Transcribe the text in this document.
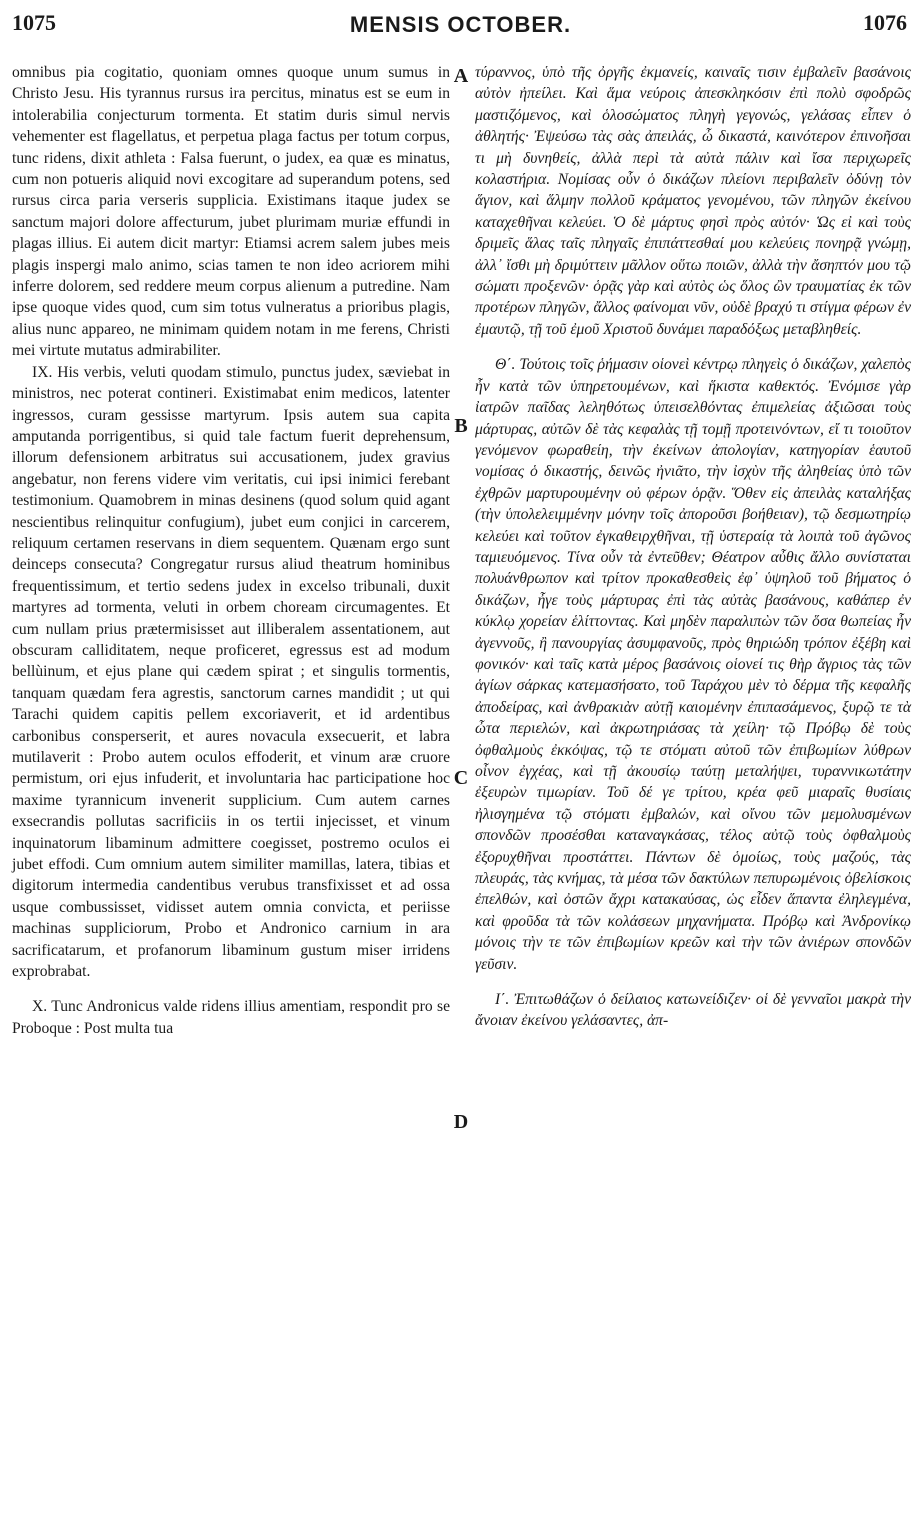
1075	MENSIS OCTOBER.	1076

omnibus pia cogitatio, quoniam omnes quoque unum sumus in Christo Jesu. His tyrannus rursus ira percitus, minatus est se eum in intolerabilia conjecturum tormenta. Et statim duris simul nervis vehementer est flagellatus, et perpetua plaga factus per totum corpus, tunc ridens, dixit athleta : Falsa fuerunt, o judex, ea quæ es minatus, cum non potueris aliquid novi excogitare ad superandum potens, sed rursus circa paria verseris supplicia. Existimans itaque judex se sanctum majori dolore affecturum, jubet plurimam muriæ effundi in plagas illius. Ei autem dicit martyr: Etiamsi acrem salem jubes meis plagis inspergi malo animo, scias tamen te non ideo acriorem mihi inferre dolorem, sed reddere meum corpus alienum a putredine. Nam ipse quoque vides quod, cum sim totus vulneratus a prioribus plagis, alius nunc appareo, ne minimam quidem notam in me ferens, Christi mei virtute mutatus admirabiliter.

IX. His verbis, veluti quodam stimulo, punctus judex, sæviebat in ministros, nec poterat contineri. Existimabat enim medicos, latenter ingressos, curam gessisse martyrum. Ipsis autem sua capita amputanda porrigentibus, si quid tale factum fuerit deprehensum, illorum defensionem arbitratus sui accusationem, judex gravius angebatur, non ferens videre vim veritatis, cui ipsi inimici ferebant testimonium. Quamobrem in minas desinens (quod solum quid agant nescientibus relinquitur confugium), jubet eum conjici in carcerem, reliquum certamen reservans in diem sequentem. Quænam ergo sunt deinceps consecuta? Congregatur rursus aliud theatrum hominibus frequentissimum, et tertio sedens judex in excelso tribunali, duxit martyres ad tormenta, veluti in orbem choream circumagentes. Et cum nullam prius prætermisisset aut illiberalem assentationem, aut obscuram calliditatem, neque proficeret, egressus est ad modum bellùinum, et ejus plane qui cædem spirat ; et singulis tormentis, tanquam quædam fera agrestis, sanctorum carnes mandidit ; ut qui Tarachi quidem capitis pellem excoriaverit, et id ardentibus carbonibus consperserit, et aures novacula exsecuerit, et labra mutilaverit : Probo autem oculos effoderit, et vinum aræ cruore permistum, ori ejus infuderit, et involuntaria hac participatione hoc maxime tyrannicum invenerit supplicium. Cum autem carnes exsecrandis pollutas sacrificiis in os tertii injecisset, et vinum inquinatorum libaminum admittere coegisset, postremo oculos ei jubet effodi. Cum omnium autem similiter mamillas, latera, tibias et digitorum intermedia candentibus verubus transfixisset et ad ossa usque combussisset, vidisset autem omnia convicta, et periisse machinas suppliciorum, Probo et Andronico carnium in ara sacrificatarum, et profanorum libaminum gustum miser irridens exprobrabat.

X. Tunc Andronicus valde ridens illius amentiam, respondit pro se Proboque : Post multa tua

A
B
C
D

τύραννος, ὑπὸ τῆς ὀργῆς ἐκμανείς, καιναῖς τισιν ἐμβαλεῖν βασάνοις αὐτὸν ἠπείλει. Καὶ ἅμα νεύροις ἀπεσκληκόσιν ἐπὶ πολὺ σφοδρῶς μαστιζόμενος, καὶ ὁλοσώματος πληγὴ γεγονώς, γελάσας εἶπεν ὁ ἀθλητής· Ἐψεύσω τὰς σὰς ἀπειλάς, ὦ δικαστά, καινότερον ἐπινοῆσαι τι μὴ δυνηθείς, ἀλλὰ περὶ τὰ αὐτὰ πάλιν καὶ ἴσα περιχωρεῖς κολαστήρια. Νομίσας οὖν ὁ δικάζων πλείονι περιβαλεῖν ὀδύνῃ τὸν ἅγιον, καὶ ἅλμην πολλοῦ κράματος γενομένου, τῶν πληγῶν ἐκείνου καταχεθῆναι κελεύει. Ὁ δὲ μάρτυς φησὶ πρὸς αὐτόν· Ὡς εἰ καὶ τοὺς δριμεῖς ἅλας ταῖς πληγαῖς ἐπιπάττεσθαί μου κελεύεις πονηρᾷ γνώμῃ, ἀλλ᾽ ἴσθι μὴ δριμύττειν μᾶλλον οὕτω ποιῶν, ἀλλὰ τὴν ἄσηπτόν μου τῷ σώματι προξενῶν· ὁρᾷς γὰρ καὶ αὐτὸς ὡς ὅλος ὢν τραυματίας ἐκ τῶν προτέρων πληγῶν, ἄλλος φαίνομαι νῦν, οὐδὲ βραχύ τι στίγμα φέρων ἐν ἐμαυτῷ, τῇ τοῦ ἐμοῦ Χριστοῦ δυνάμει παραδόξως μεταβληθείς.

Θ΄. Τούτοις τοῖς ῥήμασιν οἱονεὶ κέντρῳ πληγεὶς ὁ δικάζων, χαλεπὸς ἦν κατὰ τῶν ὑπηρετουμένων, καὶ ἥκιστα καθεκτός. Ἐνόμισε γὰρ ἰατρῶν παῖδας λεληθότως ὑπεισελθόντας ἐπιμελείας ἀξιῶσαι τοὺς μάρτυρας, αὐτῶν δὲ τὰς κεφαλὰς τῇ τομῇ προτεινόντων, εἴ τι τοιοῦτον γενόμενον φωραθείη, τὴν ἐκείνων ἀπολογίαν, κατηγορίαν ἑαυτοῦ νομίσας ὁ δικαστής, δεινῶς ἠνιᾶτο, τὴν ἰσχὺν τῆς ἀληθείας ὑπὸ τῶν ἐχθρῶν μαρτυρουμένην οὐ φέρων ὁρᾷν. Ὅθεν εἰς ἀπειλὰς καταλήξας (τὴν ὑπολελειμμένην μόνην τοῖς ἀποροῦσι βοήθειαν), τῷ δεσμωτηρίῳ κελεύει καὶ τοῦτον ἐγκαθειρχθῆναι, τῇ ὑστεραίᾳ τὰ λοιπὰ τοῦ ἀγῶνος ταμιευόμενος. Τίνα οὖν τὰ ἐντεῦθεν; Θέατρον αὖθις ἄλλο συνίσταται πολυάνθρωπον καὶ τρίτον προκαθεσθεὶς ἐφ᾽ ὑψηλοῦ τοῦ βήματος ὁ δικάζων, ἦγε τοὺς μάρτυρας ἐπὶ τὰς αὐτὰς βασάνους, καθάπερ ἐν κύκλῳ χορείαν ἑλίττοντας. Καὶ μηδὲν παραλιπὼν τῶν ὅσα θωπείας ἦν ἀγεννοῦς, ἢ πανουργίας ἀσυμφανοῦς, πρὸς θηριώδη τρόπον ἐξέβη καὶ φονικόν· καὶ ταῖς κατὰ μέρος βασάνοις οἱονεί τις θὴρ ἄγριος τὰς τῶν ἁγίων σάρκας κατεμασήσατο, τοῦ Ταράχου μὲν τὸ δέρμα τῆς κεφαλῆς ἀποδείρας, καὶ ἀνθρακιὰν αὐτῇ καιομένην ἐπιπασάμενος, ξυρῷ τε τὰ ὦτα περιελών, καὶ ἀκρωτηριάσας τὰ χείλη· τῷ Πρόβῳ δὲ τοὺς ὀφθαλμοὺς ἐκκόψας, τῷ τε στόματι αὐτοῦ τῶν ἐπιβωμίων λύθρων οἶνον ἐγχέας, καὶ τῇ ἀκουσίῳ ταύτῃ μεταλήψει, τυραννικωτάτην ἐξευρὼν τιμωρίαν. Τοῦ δέ γε τρίτου, κρέα φεῦ μιαραῖς θυσίαις ἠλισγημένα τῷ στόματι ἐμβαλών, καὶ οἴνου τῶν μεμολυσμένων σπονδῶν προσέσθαι καταναγκάσας, τέλος αὐτῷ τοὺς ὀφθαλμοὺς ἐξορυχθῆναι προστάττει. Πάντων δὲ ὁμοίως, τοὺς μαζούς, τὰς πλευράς, τὰς κνήμας, τὰ μέσα τῶν δακτύλων πεπυρωμένοις ὀβελίσκοις ἐπελθών, καὶ ὀστῶν ἄχρι κατακαύσας, ὡς εἶδεν ἅπαντα ἐληλεγμένα, καὶ φροῦδα τὰ τῶν κολάσεων μηχανήματα. Πρόβῳ καὶ Ἀνδρονίκῳ μόνοις τὴν τε τῶν ἐπιβωμίων κρεῶν καὶ τὴν τῶν ἀνιέρων σπονδῶν γεῦσιν.

Ι΄. Ἐπιτωθάζων ὁ δείλαιος κατωνείδιζεν· οἱ δὲ γενναῖοι μακρὰ τὴν ἄνοιαν ἐκείνου γελάσαντες, ἀπ-
